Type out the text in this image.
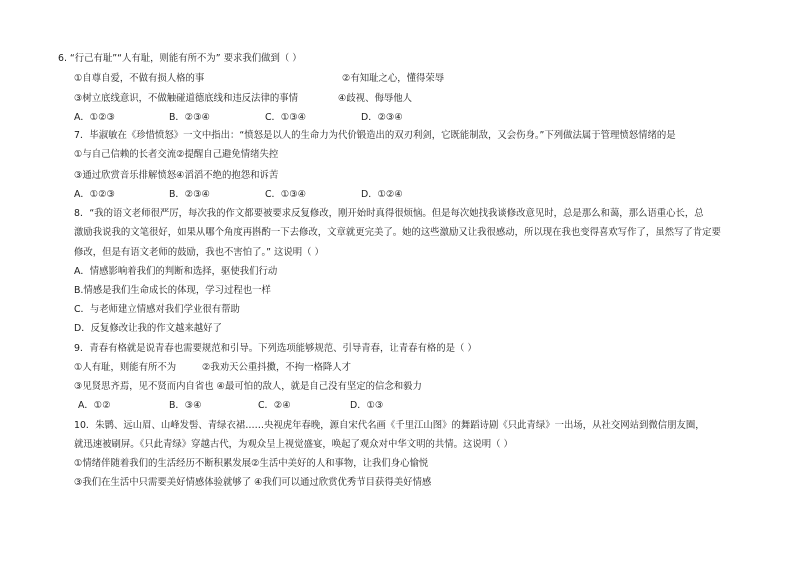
6. “行己有耻”“人有耻，则能有所不为” 要求我们做到（ ）
①自尊自爱，不做有损人格的事	②有知耻之心，懂得荣辱
③树立底线意识，不做触碰道德底线和违反法律的事情	④歧视、侮辱他人
A．①②③	B．②③④	C．①③④	D．②③④
7．毕淑敏在《珍惜愤怒》一文中指出：“愤怒是以人的生命力为代价锻造出的双刃利剑，它既能制敌，又会伤身。”下列做法属于管理愤怒情绪的是
①与自己信赖的长者交流②提醒自己避免情绪失控
③通过欣赏音乐排解愤怒④滔滔不绝的抱怨和诉苦
A．①②③	B．②③④	C．①③④	D．①②④
8．“我的语文老师很严厉，每次我的作文都要被要求反复修改，刚开始时真得很烦恼。但是每次她找我谈修改意见时，总是那么和蔼，那么语重心长，总
激励我说我的文笔很好，如果从哪个角度再斟酌一下去修改，文章就更完美了。她的这些激励又让我很感动，所以现在我也变得喜欢写作了，虽然写了肯定要
修改，但是有语文老师的鼓励，我也不害怕了。” 这说明（ ）
A．情感影响着我们的判断和选择，驱使我们行动
B.情感是我们生命成长的体现，学习过程也一样
C．与老师建立情感对我们学业很有帮助
D．反复修改让我的作文越来越好了
9．青春有格就是说青春也需要规范和引导。下列选项能够规范、引导青春，让青春有格的是（ ）
①人有耻，则能有所不为	②我劝天公重抖擞，不拘一格降人才
③见贤思齐焉，见不贤而内自省也 ④最可怕的敌人，就是自己没有坚定的信念和毅力
A．①②	B．③④	C．②④	D．①③
10．朱鹮、远山眉、山峰发髻、青绿衣裙……央视虎年春晚，源自宋代名画《千里江山图》的舞蹈诗剧《只此青绿》一出场，从社交网站到微信朋友圈，
就迅速被刷屏。《只此青绿》穿越古代，为观众呈上视觉盛宴，唤起了观众对中华文明的共情。这说明（ ）
①情绪伴随着我们的生活经历不断积累发展②生活中美好的人和事物，让我们身心愉悦
③我们在生活中只需要美好情感体验就够了 ④我们可以通过欣赏优秀节目获得美好情感
